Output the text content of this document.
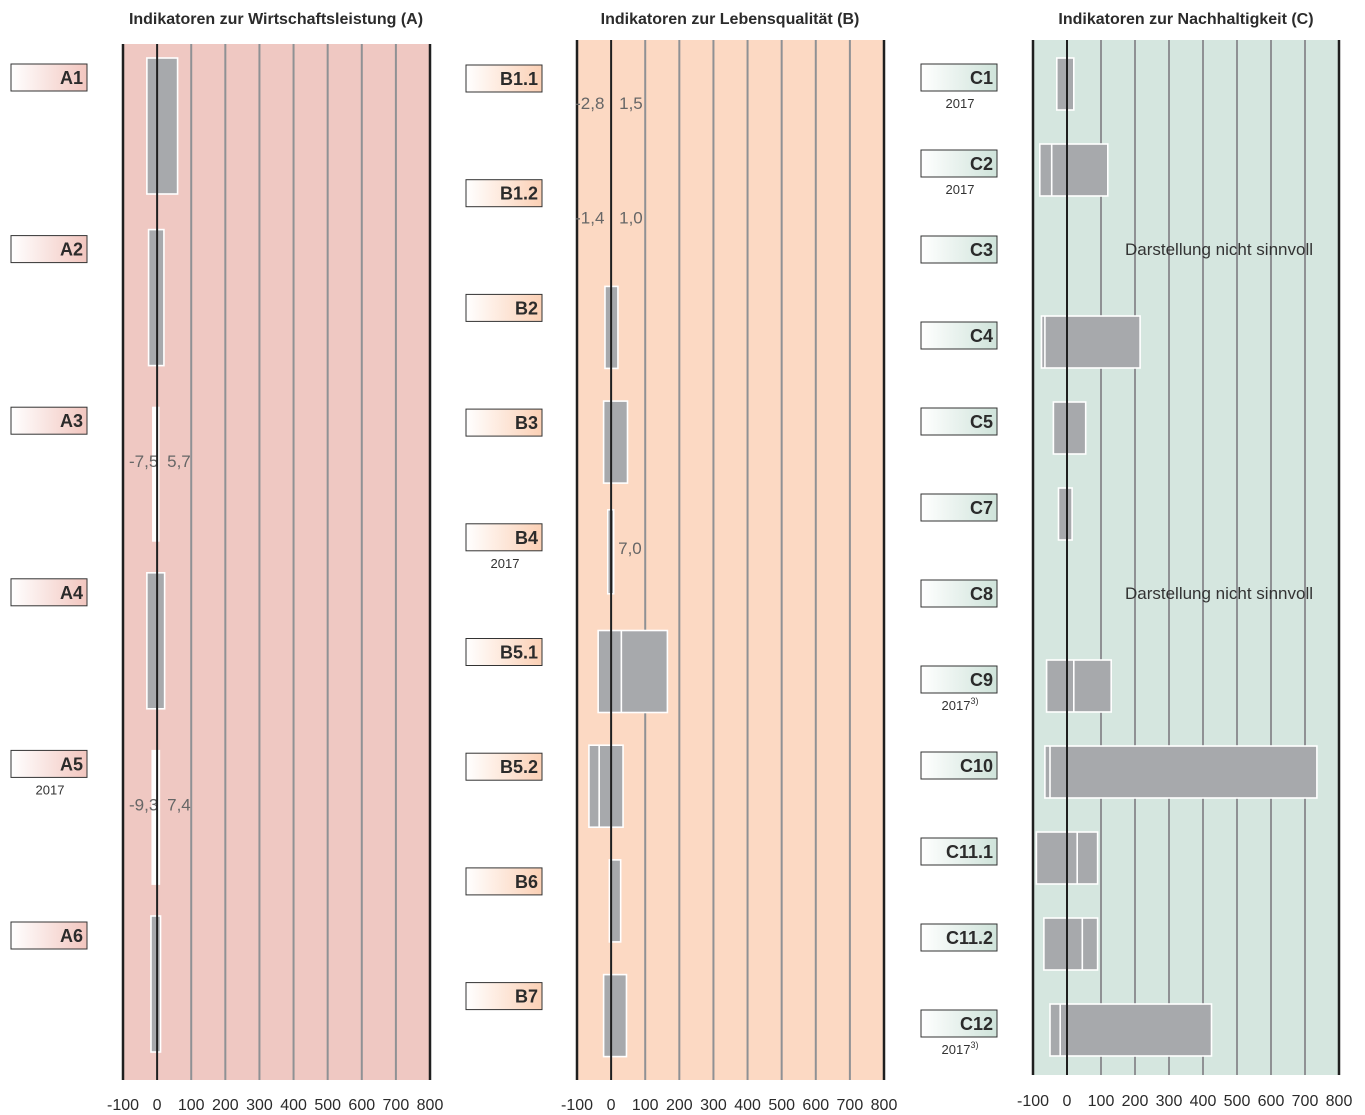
Indikatoren zur Wirtschaftsleistung (A)
A1
A2
A3
-7,5 5,7
A4
A5
2017
-9,3 7,4
A6
-100 0 100 200 300 400 500 600 700 800
Indikatoren zur Lebensqualität (B)
B1.1
-2,8 1,5
B1.2
-1,4 1,0
B2
B3
B4
2017
7,0
B5.1
B5.2
B6
B7
-100 0 100 200 300 400 500 600 700 800
Indikatoren zur Nachhaltigkeit (C)
C1
2017
C2
2017
C3	Darstellung nicht sinnvoll
C4
C5
C7
C8	Darstellung nicht sinnvoll
C9
2017$^{3)}$
C10
C11.1
C11.2
C12
2017$^{3)}$
-100 0 100 200 300 400 500 600 700 800
